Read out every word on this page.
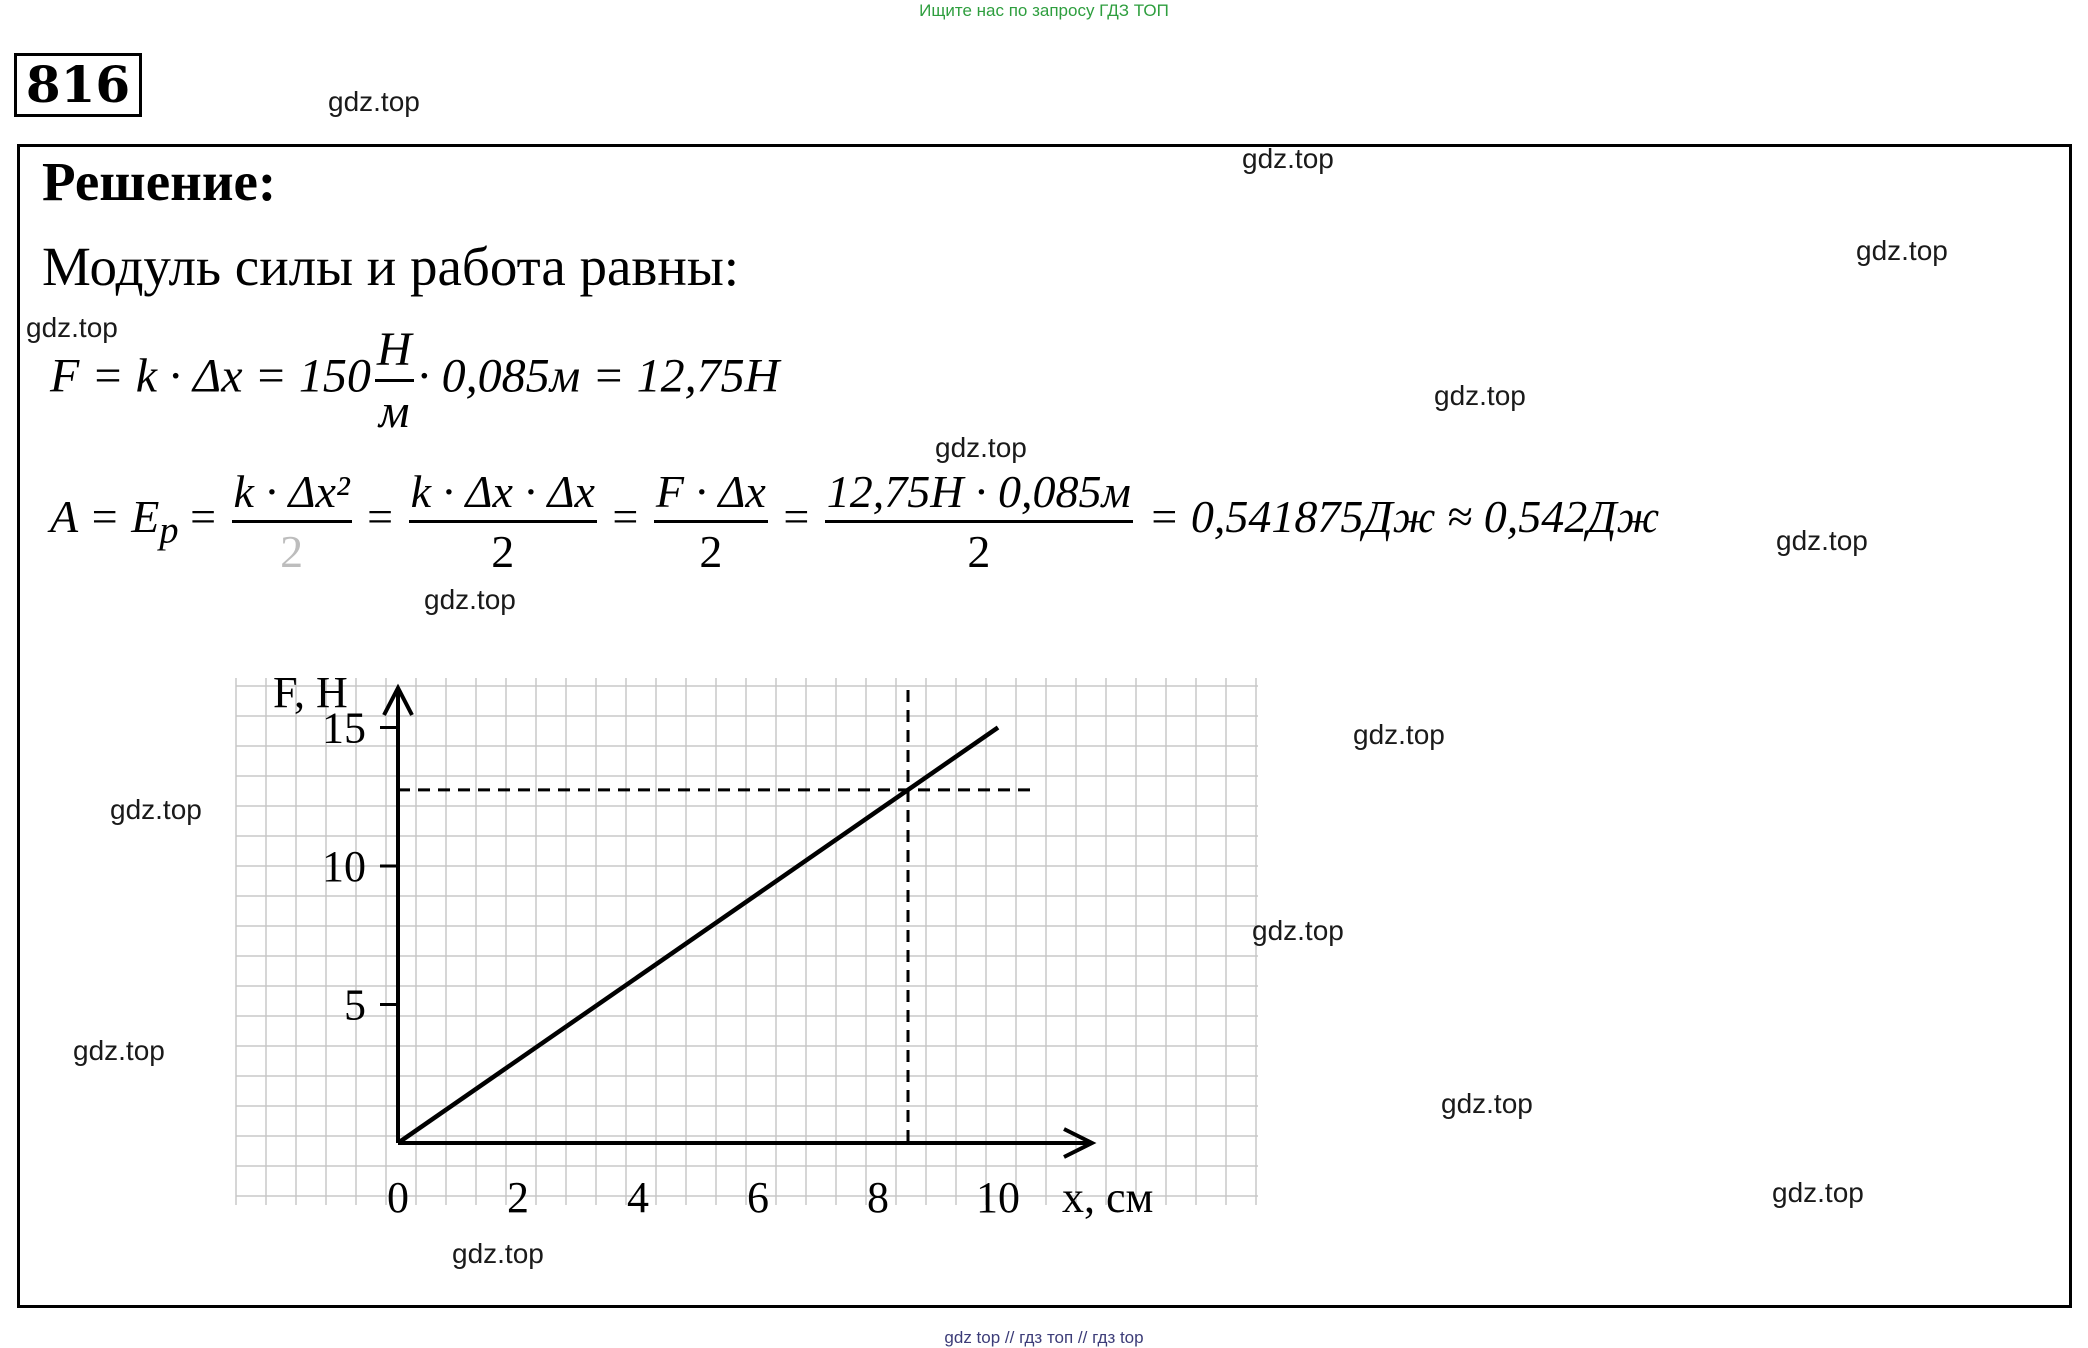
Ищите нас по запросу ГДЗ ТОП
816
Решение:
Модуль силы и работа равны:
$F = k \cdot \Delta x = 150 \frac{H}{м} \cdot 0,085м = 12,75H$
$A = E_p = \frac{\text{k · Δx²}}{2} = \frac{k \cdot \Delta x \cdot \Delta x}{2} = \frac{F \cdot \Delta x}{2} = \frac{12,75H \cdot 0,085м}{2} = 0,541875Дж \approx 0,542Дж$
0 2 4 6 8 10
5
10
15
x, см
F, H
gdz.top
gdz.top
gdz.top
gdz.top
gdz.top
gdz.top
gdz.top
gdz.top
gdz.top
gdz.top
gdz.top
gdz.top
gdz.top
gdz.top
gdz.top
gdz top // гдз топ // гдз top
